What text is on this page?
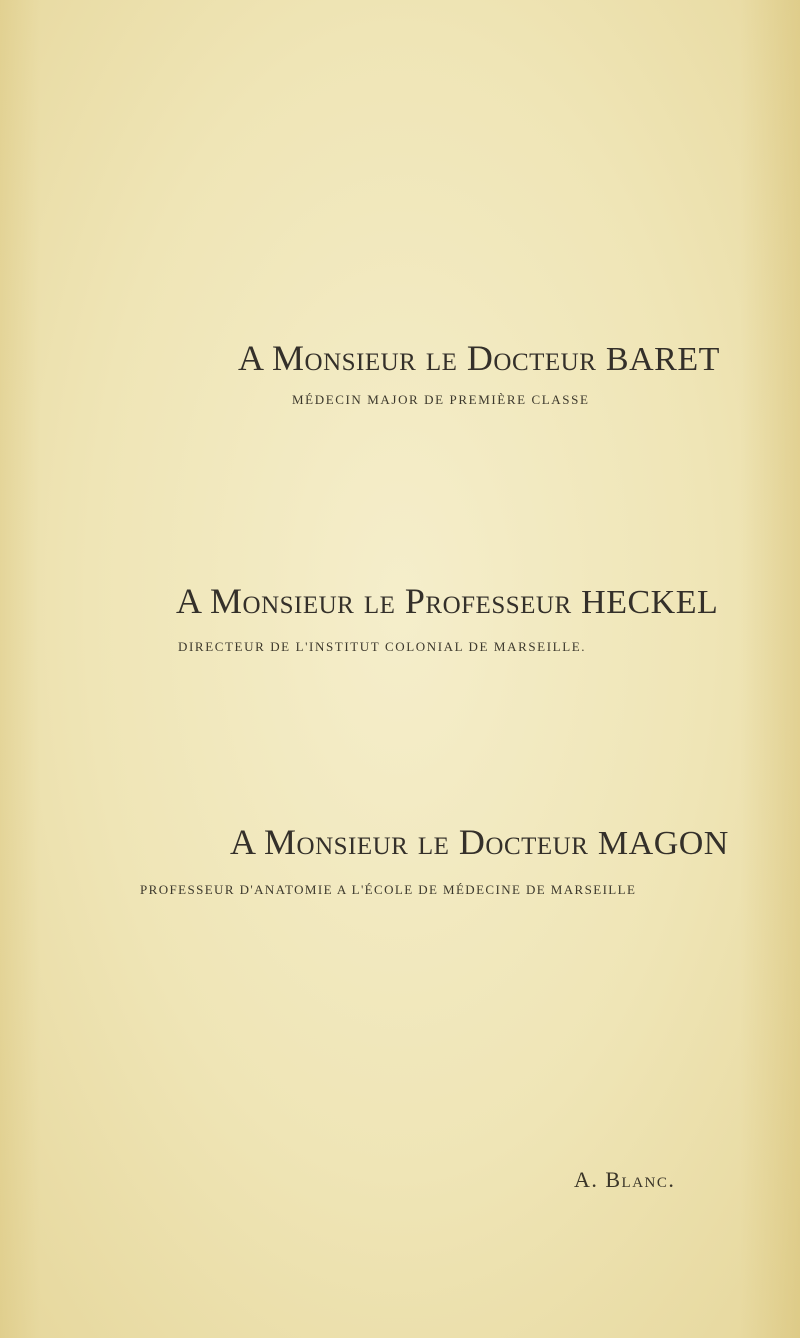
A Monsieur le Docteur BARET
MÉDECIN MAJOR DE PREMIÈRE CLASSE
A Monsieur le Professeur HECKEL
DIRECTEUR DE L'INSTITUT COLONIAL DE MARSEILLE.
A Monsieur le Docteur MAGON
PROFESSEUR D'ANATOMIE A L'ÉCOLE DE MÉDECINE DE MARSEILLE
A. Blanc.
